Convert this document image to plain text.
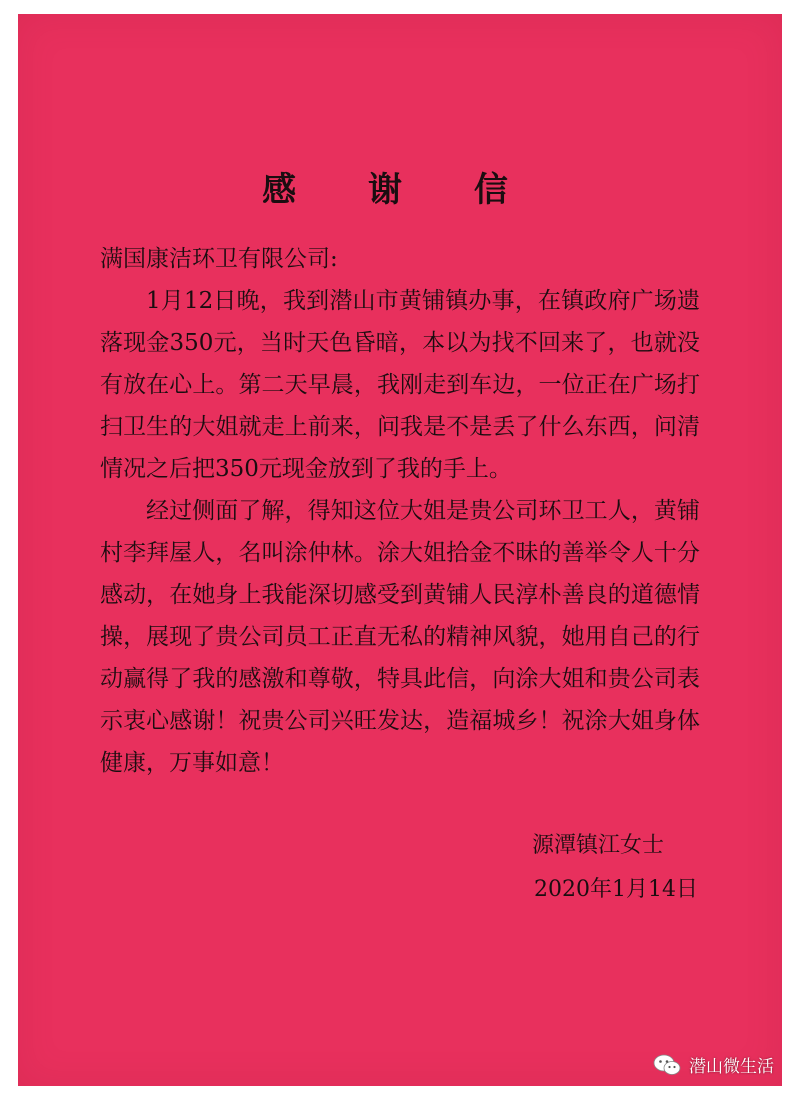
感 谢 信

满国康洁环卫有限公司:

1月12日晚，我到潜山市黄铺镇办事，在镇政府广场遗落现金350元，当时天色昏暗，本以为找不回来了，也就没有放在心上。第二天早晨，我刚走到车边，一位正在广场打扫卫生的大姐就走上前来，问我是不是丢了什么东西，问清情况之后把350元现金放到了我的手上。

经过侧面了解，得知这位大姐是贵公司环卫工人，黄铺村李拜屋人，名叫涂仲林。涂大姐拾金不昧的善举令人十分感动，在她身上我能深切感受到黄铺人民淳朴善良的道德情操，展现了贵公司员工正直无私的精神风貌，她用自己的行动赢得了我的感激和尊敬，特具此信，向涂大姐和贵公司表示衷心感谢！祝贵公司兴旺发达，造福城乡！祝涂大姐身体健康，万事如意！

源潭镇江女士
2020年1月14日
潜山微生活
